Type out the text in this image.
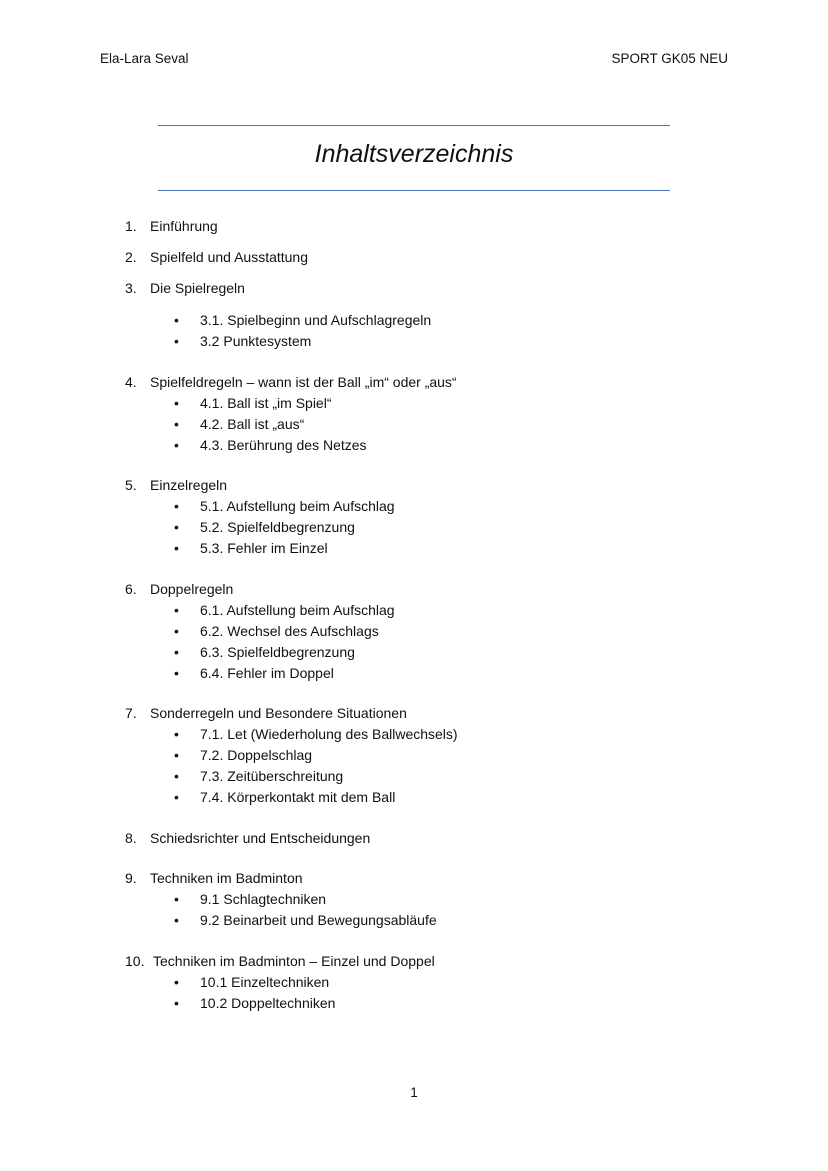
Ela-Lara Seval	SPORT GK05 NEU
Inhaltsverzeichnis
1. Einführung
2. Spielfeld und Ausstattung
3. Die Spielregeln
• 3.1. Spielbeginn und Aufschlagregeln
• 3.2 Punktesystem
4. Spielfeldregeln – wann ist der Ball „im“ oder „aus“
• 4.1. Ball ist „im Spiel“
• 4.2. Ball ist „aus“
• 4.3. Berührung des Netzes
5. Einzelregeln
• 5.1. Aufstellung beim Aufschlag
• 5.2. Spielfeldbegrenzung
• 5.3. Fehler im Einzel
6. Doppelregeln
• 6.1. Aufstellung beim Aufschlag
• 6.2. Wechsel des Aufschlags
• 6.3. Spielfeldbegrenzung
• 6.4. Fehler im Doppel
7. Sonderregeln und Besondere Situationen
• 7.1. Let (Wiederholung des Ballwechsels)
• 7.2. Doppelschlag
• 7.3. Zeitüberschreitung
• 7.4. Körperkontakt mit dem Ball
8. Schiedsrichter und Entscheidungen
9. Techniken im Badminton
• 9.1 Schlagtechniken
• 9.2 Beinarbeit und Bewegungsabläufe
10. Techniken im Badminton – Einzel und Doppel
• 10.1 Einzeltechniken
• 10.2 Doppeltechniken
1
